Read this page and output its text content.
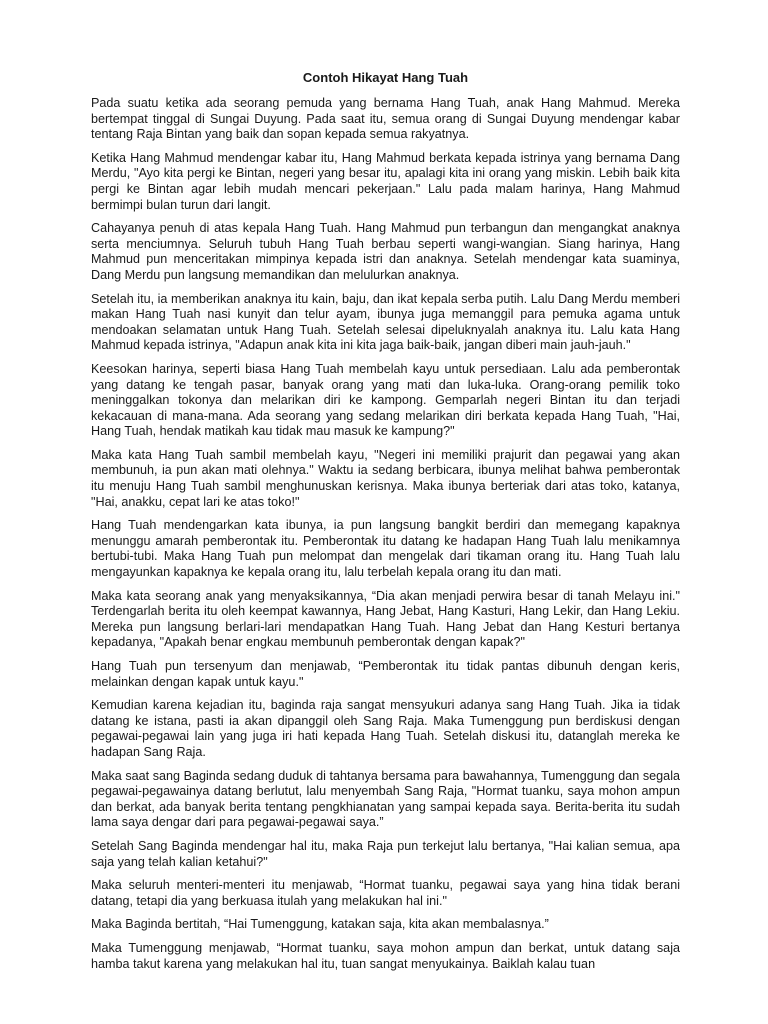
Contoh Hikayat Hang Tuah

Pada suatu ketika ada seorang pemuda yang bernama Hang Tuah, anak Hang Mahmud. Mereka bertempat tinggal di Sungai Duyung. Pada saat itu, semua orang di Sungai Duyung mendengar kabar tentang Raja Bintan yang baik dan sopan kepada semua rakyatnya.

Ketika Hang Mahmud mendengar kabar itu, Hang Mahmud berkata kepada istrinya yang bernama Dang Merdu, "Ayo kita pergi ke Bintan, negeri yang besar itu, apalagi kita ini orang yang miskin. Lebih baik kita pergi ke Bintan agar lebih mudah mencari pekerjaan." Lalu pada malam harinya, Hang Mahmud bermimpi bulan turun dari langit.

Cahayanya penuh di atas kepala Hang Tuah. Hang Mahmud pun terbangun dan mengangkat anaknya serta menciumnya. Seluruh tubuh Hang Tuah berbau seperti wangi-wangian. Siang harinya, Hang Mahmud pun menceritakan mimpinya kepada istri dan anaknya. Setelah mendengar kata suaminya, Dang Merdu pun langsung memandikan dan melulurkan anaknya.

Setelah itu, ia memberikan anaknya itu kain, baju, dan ikat kepala serba putih. Lalu Dang Merdu memberi makan Hang Tuah nasi kunyit dan telur ayam, ibunya juga memanggil para pemuka agama untuk mendoakan selamatan untuk Hang Tuah. Setelah selesai dipeluknyalah anaknya itu. Lalu kata Hang Mahmud kepada istrinya, "Adapun anak kita ini kita jaga baik-baik, jangan diberi main jauh-jauh."

Keesokan harinya, seperti biasa Hang Tuah membelah kayu untuk persediaan. Lalu ada pemberontak yang datang ke tengah pasar, banyak orang yang mati dan luka-luka. Orang-orang pemilik toko meninggalkan tokonya dan melarikan diri ke kampong. Gemparlah negeri Bintan itu dan terjadi kekacauan di mana-mana. Ada seorang yang sedang melarikan diri berkata kepada Hang Tuah, "Hai, Hang Tuah, hendak matikah kau tidak mau masuk ke kampung?"

Maka kata Hang Tuah sambil membelah kayu, "Negeri ini memiliki prajurit dan pegawai yang akan membunuh, ia pun akan mati olehnya." Waktu ia sedang berbicara, ibunya melihat bahwa pemberontak itu menuju Hang Tuah sambil menghunuskan kerisnya. Maka ibunya berteriak dari atas toko, katanya, "Hai, anakku, cepat lari ke atas toko!"

Hang Tuah mendengarkan kata ibunya, ia pun langsung bangkit berdiri dan memegang kapaknya menunggu amarah pemberontak itu. Pemberontak itu datang ke hadapan Hang Tuah lalu menikamnya bertubi-tubi. Maka Hang Tuah pun melompat dan mengelak dari tikaman orang itu. Hang Tuah lalu mengayunkan kapaknya ke kepala orang itu, lalu terbelah kepala orang itu dan mati.

Maka kata seorang anak yang menyaksikannya, “Dia akan menjadi perwira besar di tanah Melayu ini." Terdengarlah berita itu oleh keempat kawannya, Hang Jebat, Hang Kasturi, Hang Lekir, dan Hang Lekiu. Mereka pun langsung berlari-lari mendapatkan Hang Tuah. Hang Jebat dan Hang Kesturi bertanya kepadanya, "Apakah benar engkau membunuh pemberontak dengan kapak?"

Hang Tuah pun tersenyum dan menjawab, “Pemberontak itu tidak pantas dibunuh dengan keris, melainkan dengan kapak untuk kayu."

Kemudian karena kejadian itu, baginda raja sangat mensyukuri adanya sang Hang Tuah. Jika ia tidak datang ke istana, pasti ia akan dipanggil oleh Sang Raja. Maka Tumenggung pun berdiskusi dengan pegawai-pegawai lain yang juga iri hati kepada Hang Tuah. Setelah diskusi itu, datanglah mereka ke hadapan Sang Raja.

Maka saat sang Baginda sedang duduk di tahtanya bersama para bawahannya, Tumenggung dan segala pegawai-pegawainya datang berlutut, lalu menyembah Sang Raja, "Hormat tuanku, saya mohon ampun dan berkat, ada banyak berita tentang pengkhianatan yang sampai kepada saya. Berita-berita itu sudah lama saya dengar dari para pegawai-pegawai saya.”

Setelah Sang Baginda mendengar hal itu, maka Raja pun terkejut lalu bertanya, "Hai kalian semua, apa saja yang telah kalian ketahui?"

Maka seluruh menteri-menteri itu menjawab, “Hormat tuanku, pegawai saya yang hina tidak berani datang, tetapi dia yang berkuasa itulah yang melakukan hal ini."

Maka Baginda bertitah, “Hai Tumenggung, katakan saja, kita akan membalasnya.”

Maka Tumenggung menjawab, “Hormat tuanku, saya mohon ampun dan berkat, untuk datang saja hamba takut karena yang melakukan hal itu, tuan sangat menyukainya. Baiklah kalau tuan
